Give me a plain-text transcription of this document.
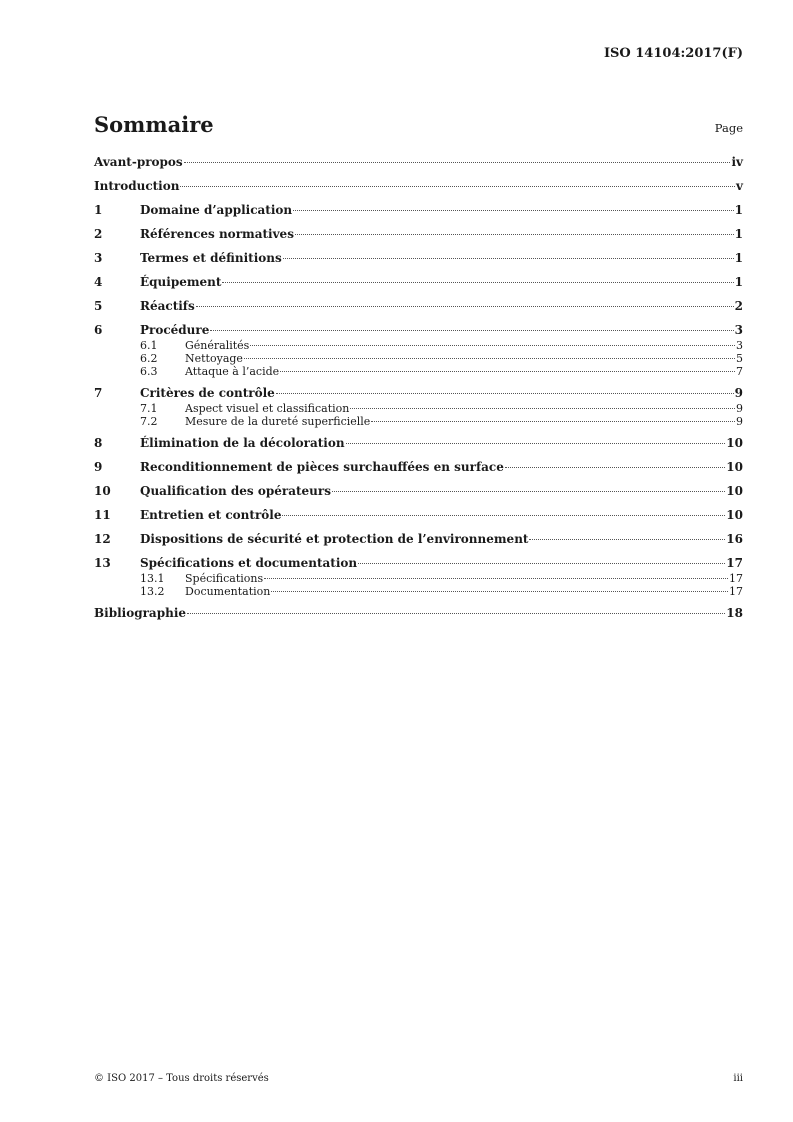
ISO 14104:2017(F)
Sommaire	Page
Avant-propos	iv
Introduction	v
1	Domaine d’application	1
2	Références normatives	1
3	Termes et définitions	1
4	Équipement	1
5	Réactifs	2
6	Procédure	3
6.1	Généralités	3
6.2	Nettoyage	5
6.3	Attaque à l’acide	7
7	Critères de contrôle	9
7.1	Aspect visuel et classification	9
7.2	Mesure de la dureté superficielle	9
8	Élimination de la décoloration	10
9	Reconditionnement de pièces surchauffées en surface	10
10	Qualification des opérateurs	10
11	Entretien et contrôle	10
12	Dispositions de sécurité et protection de l’environnement	16
13	Spécifications et documentation	17
13.1	Spécifications	17
13.2	Documentation	17
Bibliographie	18
© ISO 2017 – Tous droits réservés	iii
